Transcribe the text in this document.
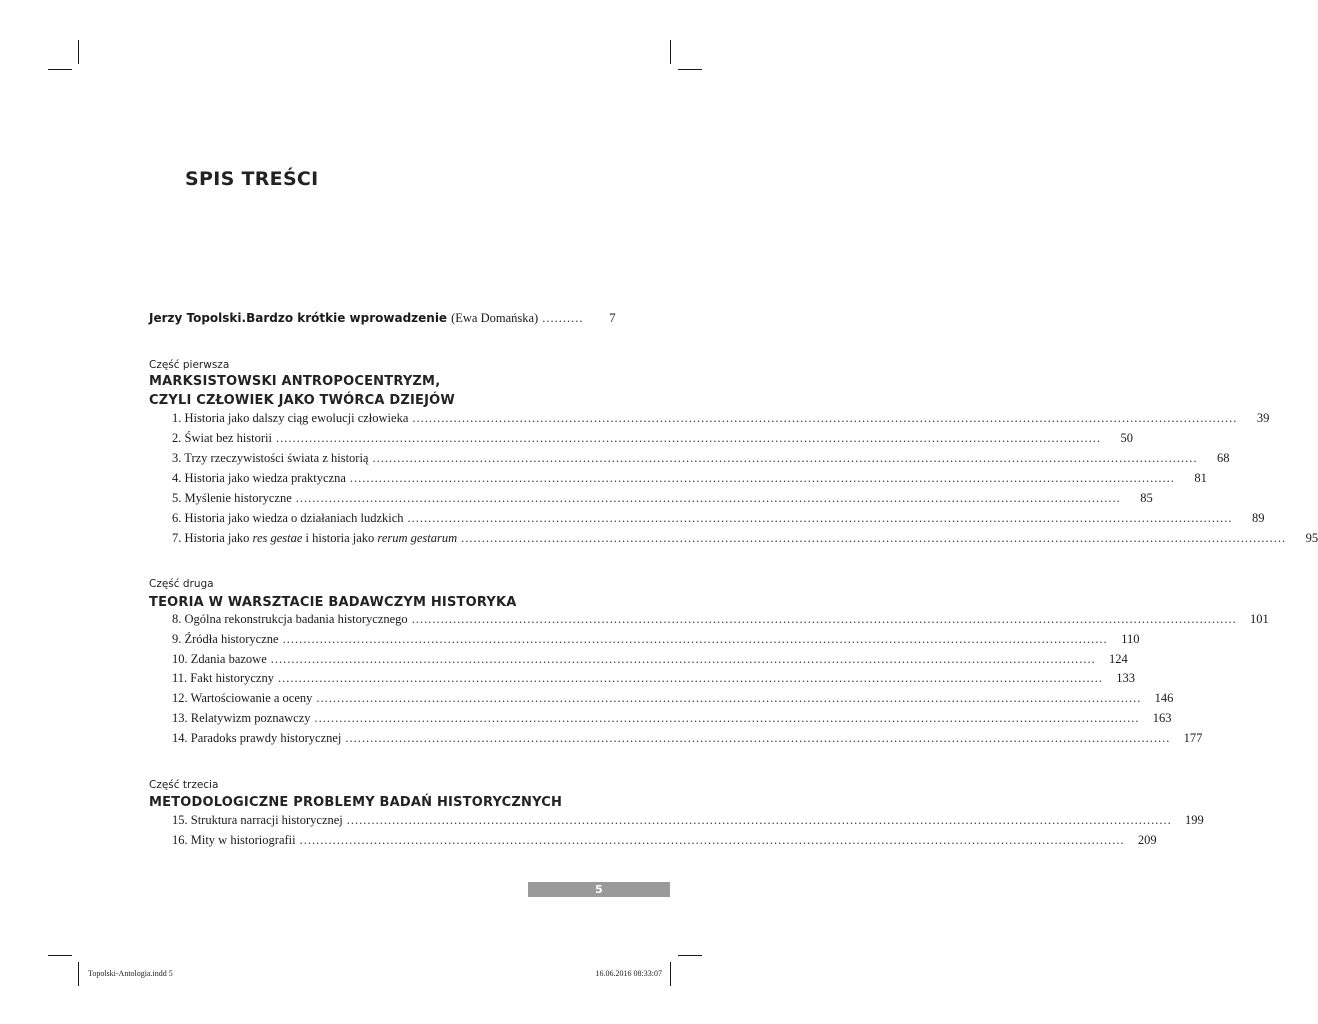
SPIS TREŚCI
Jerzy Topolski . Bardzo krótkie wprowadzenie (Ewa Domańska) ..........	7
Część pierwsza
MARKSISTOWSKI ANTROPOCENTRYZM,
CZYLI CZŁOWIEK JAKO TWÓRCA DZIEJÓW
1. Historia jako dalszy ciąg ewolucji człowieka ........................................................................................................................................................................................................	39
2. Świat bez historii ........................................................................................................................................................................................................	50
3. Trzy rzeczywistości świata z historią ........................................................................................................................................................................................................	68
4. Historia jako wiedza praktyczna ........................................................................................................................................................................................................	81
5. Myślenie historyczne ........................................................................................................................................................................................................	85
6. Historia jako wiedza o działaniach ludzkich ........................................................................................................................................................................................................	89
7. Historia jako res gestae i historia jako rerum gestarum ........................................................................................................................................................................................................	95
Część druga
TEORIA W WARSZTACIE BADAWCZYM HISTORYKA
8. Ogólna rekonstrukcja badania historycznego ........................................................................................................................................................................................................	101
9. Źródła historyczne ........................................................................................................................................................................................................	110
10. Zdania bazowe ........................................................................................................................................................................................................	124
11. Fakt historyczny ........................................................................................................................................................................................................	133
12. Wartościowanie a oceny ........................................................................................................................................................................................................	146
13. Relatywizm poznawczy ........................................................................................................................................................................................................	163
14. Paradoks prawdy historycznej ........................................................................................................................................................................................................	177
Część trzecia
METODOLOGICZNE PROBLEMY BADAŃ HISTORYCZNYCH
15. Struktura narracji historycznej ........................................................................................................................................................................................................	199
16. Mity w historiografii ........................................................................................................................................................................................................	209
5
Topolski-Antologia.indd 5	16.06.2016 08:33:07
